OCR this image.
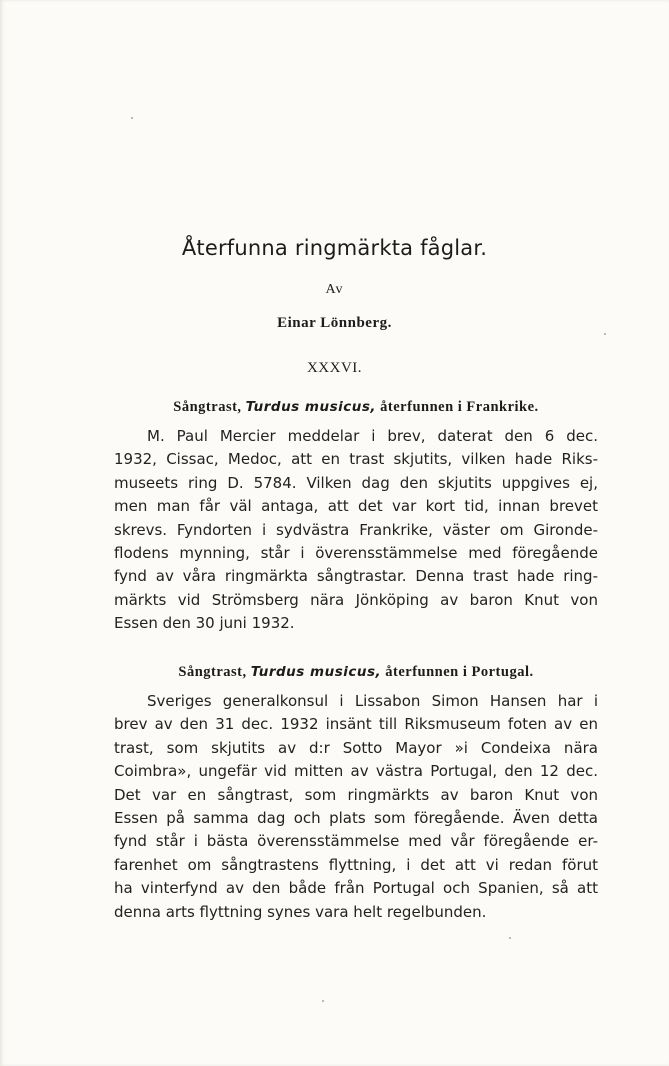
Återfunna ringmärkta fåglar.
Av
Einar Lönnberg.
XXXVI.
Sångtrast, Turdus musicus, återfunnen i Frankrike.
M. Paul Mercier meddelar i brev, daterat den 6 dec.
1932, Cissac, Medoc, att en trast skjutits, vilken hade Riks-
museets ring D. 5784. Vilken dag den skjutits uppgives ej,
men man får väl antaga, att det var kort tid, innan brevet
skrevs. Fyndorten i sydvästra Frankrike, väster om Gironde-
flodens mynning, står i överensstämmelse med föregående
fynd av våra ringmärkta sångtrastar. Denna trast hade ring-
märkts vid Strömsberg nära Jönköping av baron Knut von
Essen den 30 juni 1932.
Sångtrast, Turdus musicus, återfunnen i Portugal.
Sveriges generalkonsul i Lissabon Simon Hansen har i
brev av den 31 dec. 1932 insänt till Riksmuseum foten av en
trast, som skjutits av d:r Sotto Mayor »i Condeixa nära
Coimbra», ungefär vid mitten av västra Portugal, den 12 dec.
Det var en sångtrast, som ringmärkts av baron Knut von
Essen på samma dag och plats som föregående. Även detta
fynd står i bästa överensstämmelse med vår föregående er-
farenhet om sångtrastens flyttning, i det att vi redan förut
ha vinterfynd av den både från Portugal och Spanien, så att
denna arts flyttning synes vara helt regelbunden.
